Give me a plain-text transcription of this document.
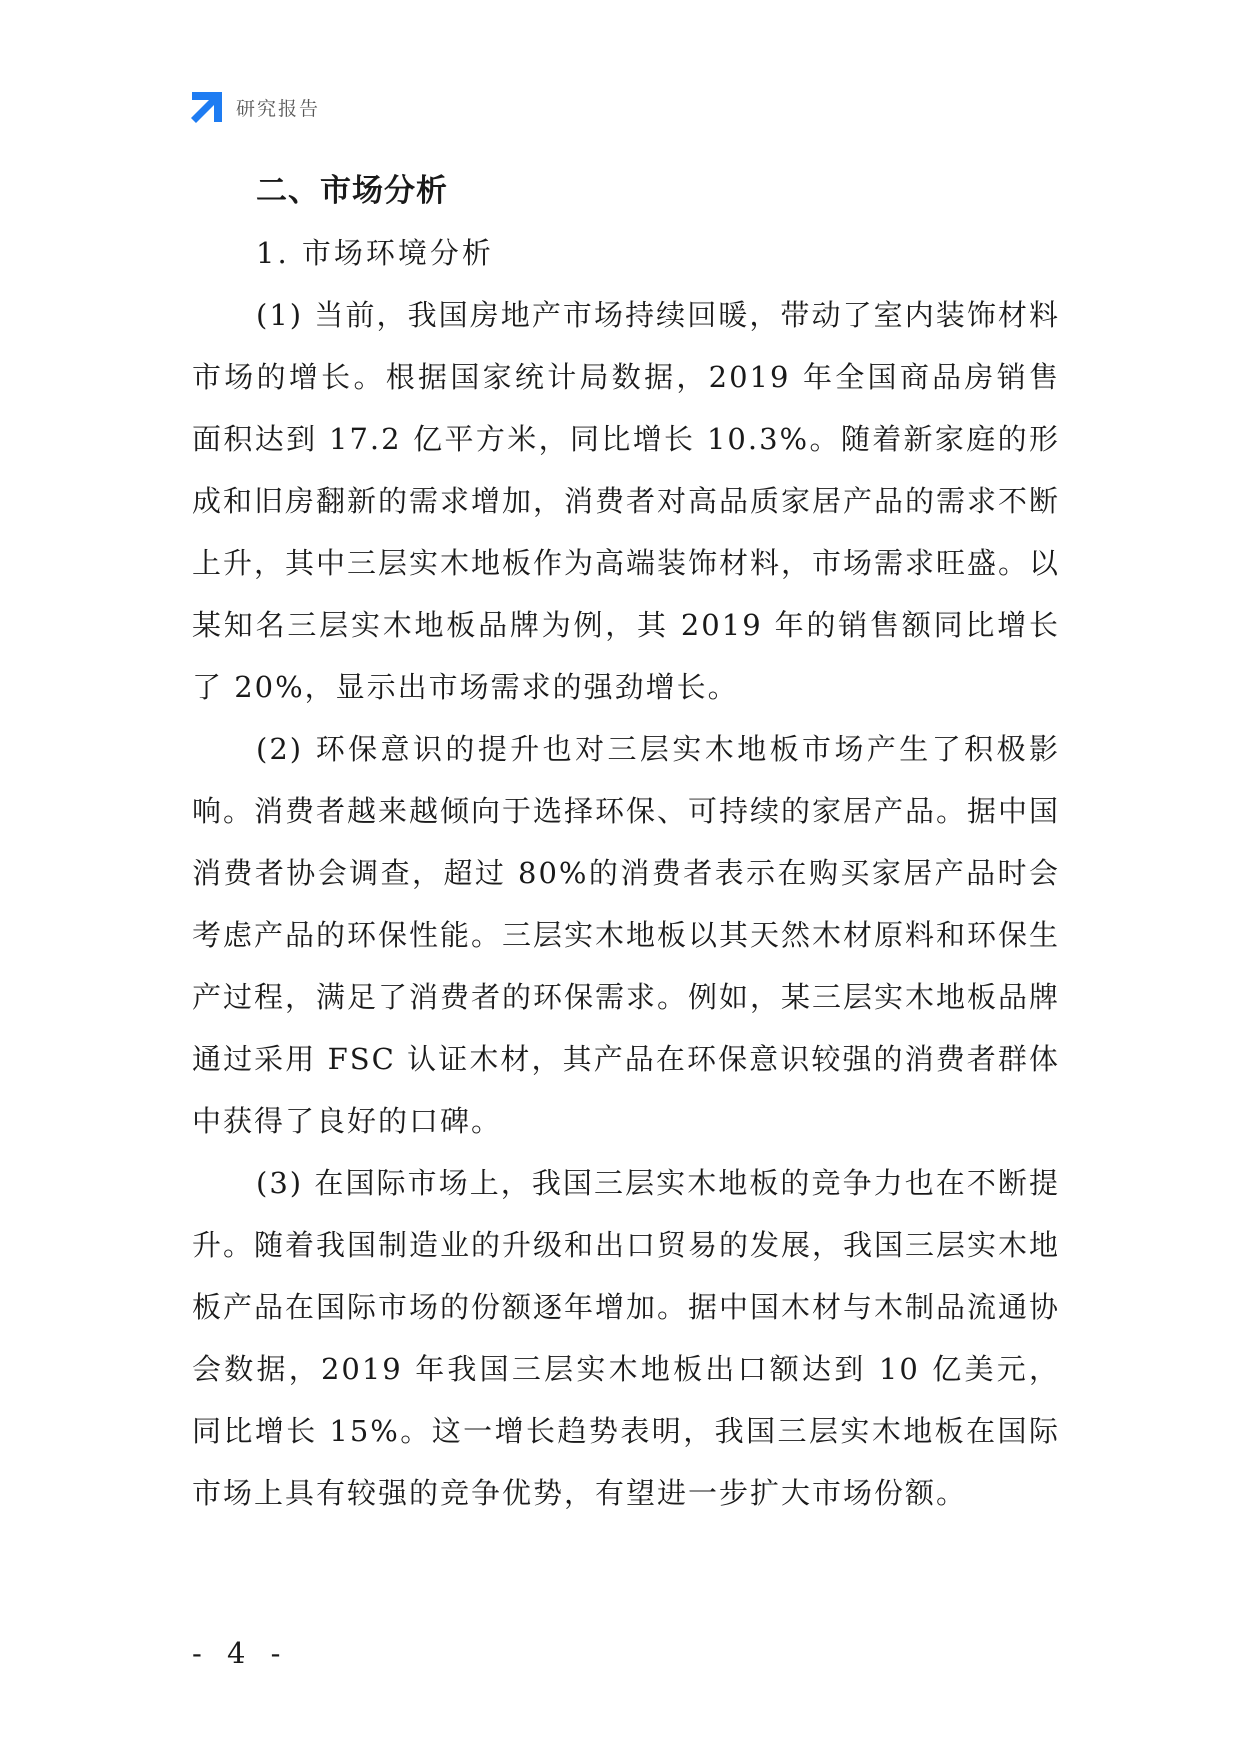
研究报告
二、市场分析

1. 市场环境分析

(1) 当前，我国房地产市场持续回暖，带动了室内装饰材料市场的增长。根据国家统计局数据，2019 年全国商品房销售面积达到 17.2 亿平方米，同比增长 10.3%。随着新家庭的形成和旧房翻新的需求增加，消费者对高品质家居产品的需求不断上升，其中三层实木地板作为高端装饰材料，市场需求旺盛。以某知名三层实木地板品牌为例，其 2019 年的销售额同比增长了 20%，显示出市场需求的强劲增长。

(2) 环保意识的提升也对三层实木地板市场产生了积极影响。消费者越来越倾向于选择环保、可持续的家居产品。据中国消费者协会调查，超过 80%的消费者表示在购买家居产品时会考虑产品的环保性能。三层实木地板以其天然木材原料和环保生产过程，满足了消费者的环保需求。例如，某三层实木地板品牌通过采用 FSC 认证木材，其产品在环保意识较强的消费者群体中获得了良好的口碑。

(3) 在国际市场上，我国三层实木地板的竞争力也在不断提升。随着我国制造业的升级和出口贸易的发展，我国三层实木地板产品在国际市场的份额逐年增加。据中国木材与木制品流通协会数据，2019 年我国三层实木地板出口额达到 10 亿美元，同比增长 15%。这一增长趋势表明，我国三层实木地板在国际市场上具有较强的竞争优势，有望进一步扩大市场份额。

- 4 -
